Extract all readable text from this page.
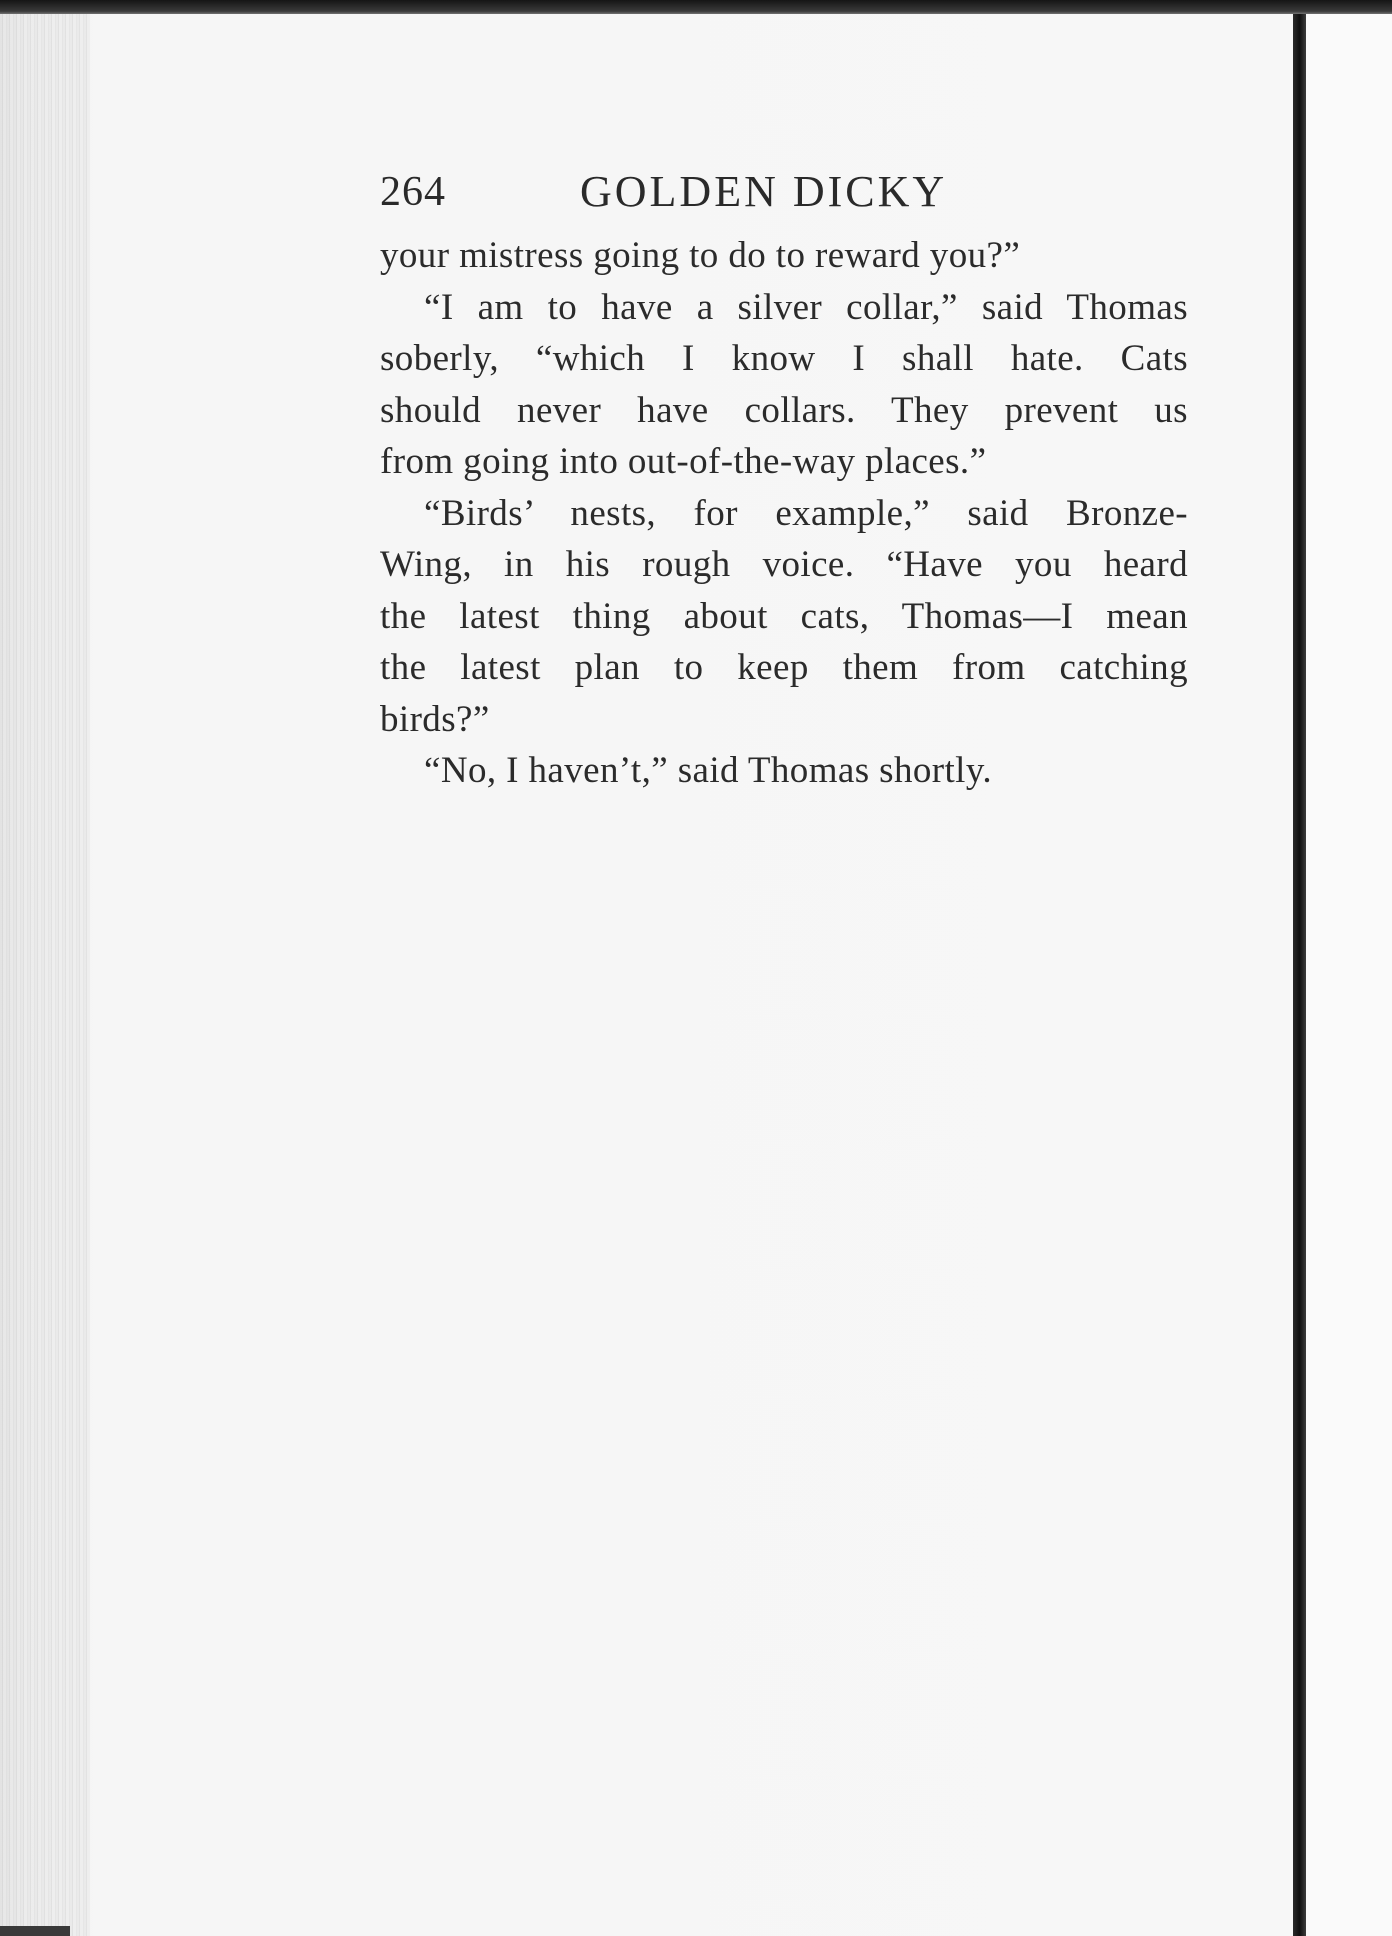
264	GOLDEN DICKY
your mistress going to do to reward you?”
“I am to have a silver collar,” said Thomas
soberly, “which I know I shall hate. Cats
should never have collars. They prevent us
from going into out-of-the-way places.”
“Birds’ nests, for example,” said Bronze-
Wing, in his rough voice. “Have you heard
the latest thing about cats, Thomas—I mean
the latest plan to keep them from catching
birds?”
“No, I haven’t,” said Thomas shortly.
